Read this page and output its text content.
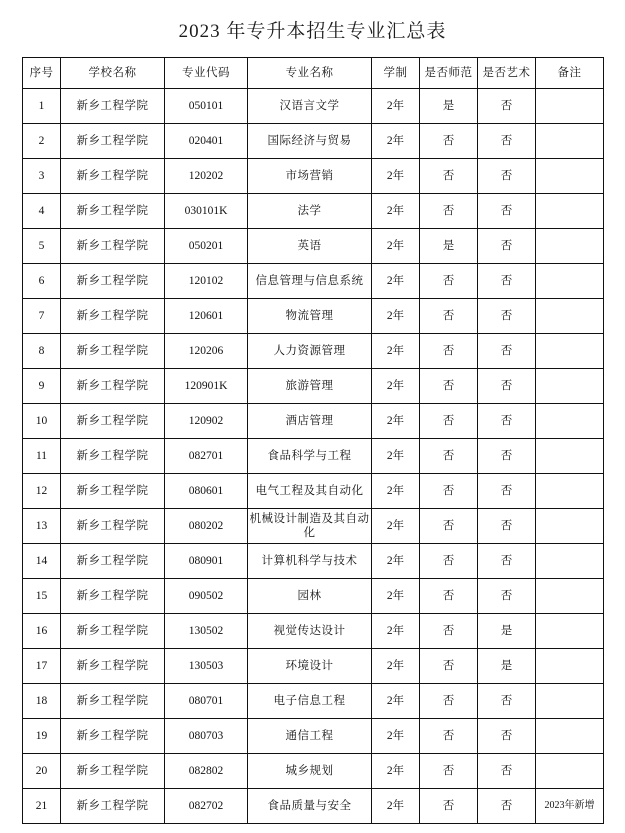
2023 年专升本招生专业汇总表
序号	学校名称	专业代码	专业名称	学制	是否师范	是否艺术	备注
1	新乡工程学院	050101	汉语言文学	2年	是	否	
2	新乡工程学院	020401	国际经济与贸易	2年	否	否	
3	新乡工程学院	120202	市场营销	2年	否	否	
4	新乡工程学院	030101K	法学	2年	否	否	
5	新乡工程学院	050201	英语	2年	是	否	
6	新乡工程学院	120102	信息管理与信息系统	2年	否	否	
7	新乡工程学院	120601	物流管理	2年	否	否	
8	新乡工程学院	120206	人力资源管理	2年	否	否	
9	新乡工程学院	120901K	旅游管理	2年	否	否	
10	新乡工程学院	120902	酒店管理	2年	否	否	
11	新乡工程学院	082701	食品科学与工程	2年	否	否	
12	新乡工程学院	080601	电气工程及其自动化	2年	否	否	
13	新乡工程学院	080202	机械设计制造及其自动化	2年	否	否	
14	新乡工程学院	080901	计算机科学与技术	2年	否	否	
15	新乡工程学院	090502	园林	2年	否	否	
16	新乡工程学院	130502	视觉传达设计	2年	否	是	
17	新乡工程学院	130503	环境设计	2年	否	是	
18	新乡工程学院	080701	电子信息工程	2年	否	否	
19	新乡工程学院	080703	通信工程	2年	否	否	
20	新乡工程学院	082802	城乡规划	2年	否	否	
21	新乡工程学院	082702	食品质量与安全	2年	否	否	2023年新增
